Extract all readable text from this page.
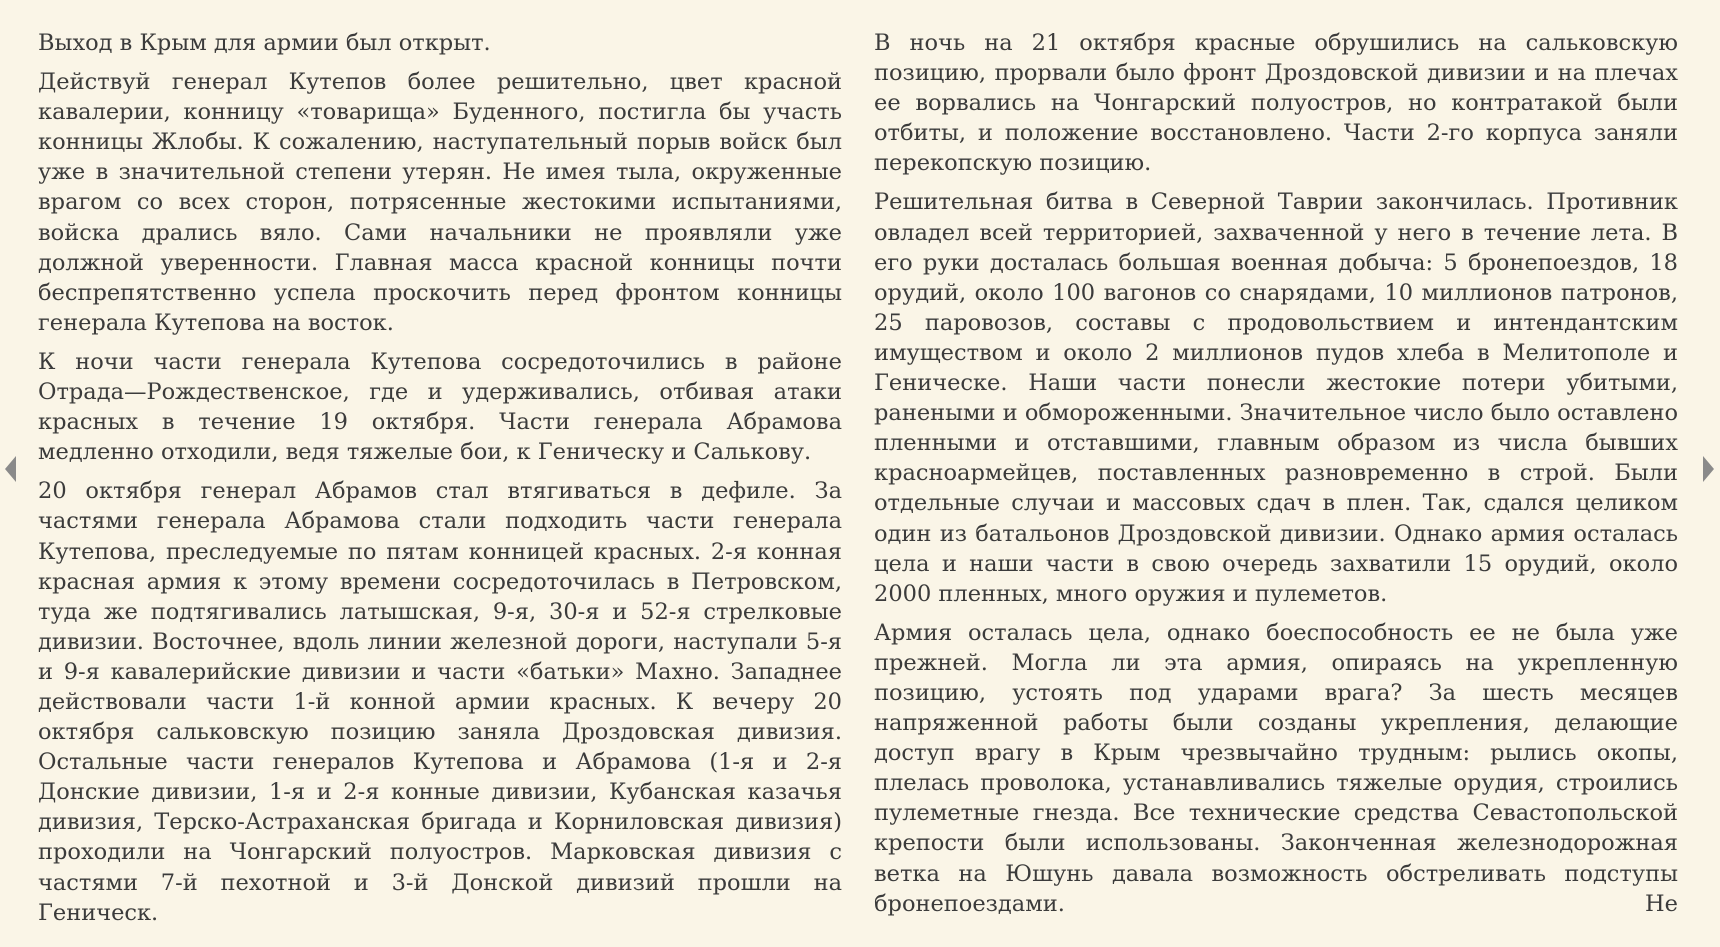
Выход в Крым для армии был открыт.

Действуй генерал Кутепов более решительно, цвет красной кавалерии, конницу «товарища» Буденного, постигла бы участь конницы Жлобы. К сожалению, наступательный порыв войск был уже в значительной степени утерян. Не имея тыла, окруженные врагом со всех сторон, потрясенные жестокими испытаниями, войска дрались вяло. Сами начальники не проявляли уже должной уверенности. Главная масса красной конницы почти беспрепятственно успела проскочить перед фронтом конницы генерала Кутепова на восток.

К ночи части генерала Кутепова сосредоточились в районе Отрада—Рождественское, где и удерживались, отбивая атаки красных в течение 19 октября. Части генерала Абрамова медленно отходили, ведя тяжелые бои, к Геническу и Салькову.

20 октября генерал Абрамов стал втягиваться в дефиле. За частями генерала Абрамова стали подходить части генерала Кутепова, преследуемые по пятам конницей красных. 2-я конная красная армия к этому времени сосредоточилась в Петровском, туда же подтягивались латышская, 9-я, 30-я и 52-я стрелковые дивизии. Восточнее, вдоль линии железной дороги, наступали 5-я и 9-я кавалерийские дивизии и части «батьки» Махно. Западнее действовали части 1-й конной армии красных. К вечеру 20 октября сальковскую позицию заняла Дроздовская дивизия. Остальные части генералов Кутепова и Абрамова (1-я и 2-я Донские дивизии, 1-я и 2-я конные дивизии, Кубанская казачья дивизия, Терско-Астраханская бригада и Корниловская дивизия) проходили на Чонгарский полуостров. Марковская дивизия с частями 7-й пехотной и 3-й Донской дивизий прошли на Геническ.

В ночь на 21 октября красные обрушились на сальковскую позицию, прорвали было фронт Дроздовской дивизии и на плечах ее ворвались на Чонгарский полуостров, но контратакой были отбиты, и положение восстановлено. Части 2-го корпуса заняли перекопскую позицию.

Решительная битва в Северной Таврии закончилась. Противник овладел всей территорией, захваченной у него в течение лета. В его руки досталась большая военная добыча: 5 бронепоездов, 18 орудий, около 100 вагонов со снарядами, 10 миллионов патронов, 25 паровозов, составы с продовольствием и интендантским имуществом и около 2 миллионов пудов хлеба в Мелитополе и Геническе. Наши части понесли жестокие потери убитыми, ранеными и обмороженными. Значительное число было оставлено пленными и отставшими, главным образом из числа бывших красноармейцев, поставленных разновременно в строй. Были отдельные случаи и массовых сдач в плен. Так, сдался целиком один из батальонов Дроздовской дивизии. Однако армия осталась цела и наши части в свою очередь захватили 15 орудий, около 2000 пленных, много оружия и пулеметов.

Армия осталась цела, однако боеспособность ее не была уже прежней. Могла ли эта армия, опираясь на укрепленную позицию, устоять под ударами врага? За шесть месяцев напряженной работы были созданы укрепления, делающие доступ врагу в Крым чрезвычайно трудным: рылись окопы, плелась проволока, устанавливались тяжелые орудия, строились пулеметные гнезда. Все технические средства Севастопольской крепости были использованы. Законченная железнодорожная ветка на Юшунь давала возможность обстреливать подступы бронепоездами. Не
